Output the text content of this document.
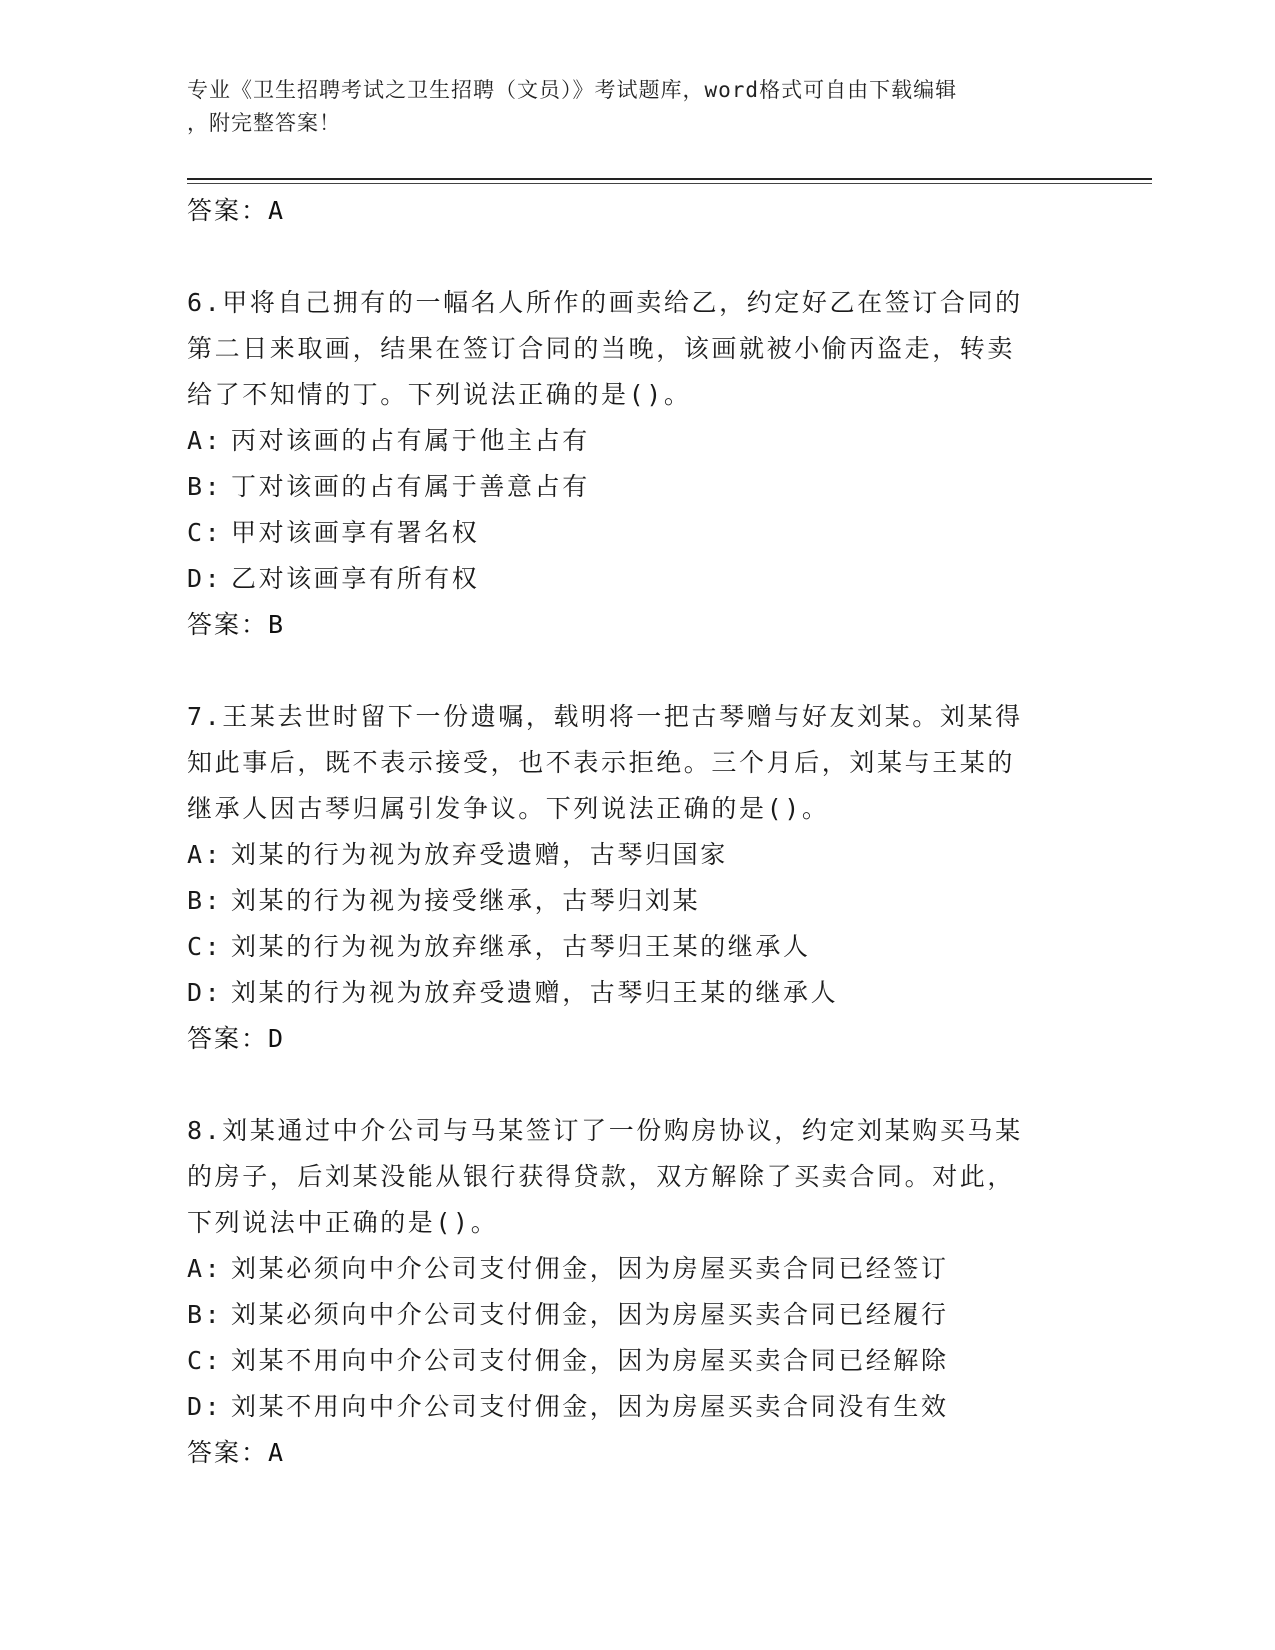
专业《卫生招聘考试之卫生招聘（文员）》考试题库，word格式可自由下载编辑
，附完整答案！
答案：A
6.甲将自己拥有的一幅名人所作的画卖给乙，约定好乙在签订合同的
第二日来取画，结果在签订合同的当晚，该画就被小偷丙盗走，转卖
给了不知情的丁。下列说法正确的是()。
A: 丙对该画的占有属于他主占有
B: 丁对该画的占有属于善意占有
C: 甲对该画享有署名权
D: 乙对该画享有所有权
答案：B
7.王某去世时留下一份遗嘱，载明将一把古琴赠与好友刘某。刘某得
知此事后，既不表示接受，也不表示拒绝。三个月后，刘某与王某的
继承人因古琴归属引发争议。下列说法正确的是()。
A: 刘某的行为视为放弃受遗赠，古琴归国家
B: 刘某的行为视为接受继承，古琴归刘某
C: 刘某的行为视为放弃继承，古琴归王某的继承人
D: 刘某的行为视为放弃受遗赠，古琴归王某的继承人
答案：D
8.刘某通过中介公司与马某签订了一份购房协议，约定刘某购买马某
的房子，后刘某没能从银行获得贷款，双方解除了买卖合同。对此，
下列说法中正确的是()。
A: 刘某必须向中介公司支付佣金，因为房屋买卖合同已经签订
B: 刘某必须向中介公司支付佣金，因为房屋买卖合同已经履行
C: 刘某不用向中介公司支付佣金，因为房屋买卖合同已经解除
D: 刘某不用向中介公司支付佣金，因为房屋买卖合同没有生效
答案：A
